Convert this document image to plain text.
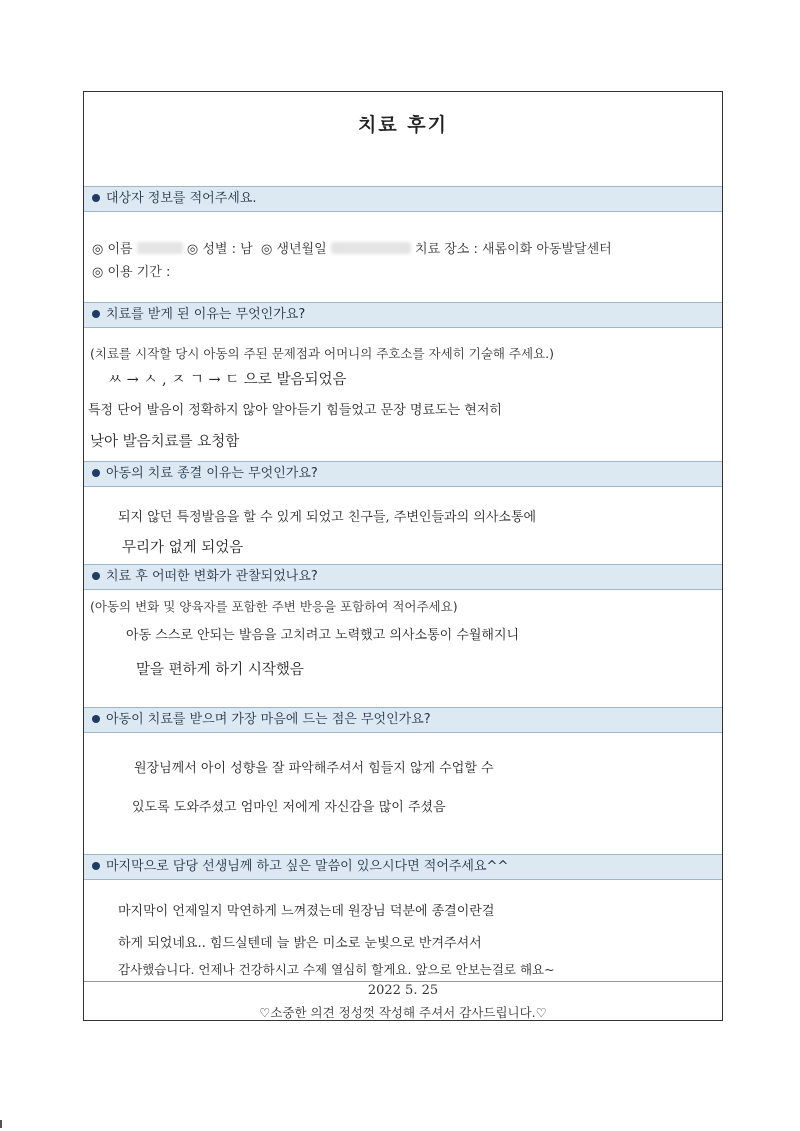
치료 후기
대상자 정보를 적어주세요.
◎ 이름	◎ 성별 : 남 ◎ 생년월일	치료 장소 : 새롬이화 아동발달센터
◎ 이용 기간 :
치료를 받게 된 이유는 무엇인가요?
(치료를 시작할 당시 아동의 주된 문제점과 어머니의 주호소를 자세히 기술해 주세요.)
ㅆ → ㅅ , ㅈ ㄱ → ㄷ 으로 발음되었음
특정 단어 발음이 정확하지 않아 알아듣기 힘들었고 문장 명료도는 현저히
낮아 발음치료를 요청함
아동의 치료 종결 이유는 무엇인가요?
되지 않던 특정발음을 할 수 있게 되었고 친구들, 주변인들과의 의사소통에
무리가 없게 되었음
치료 후 어떠한 변화가 관찰되었나요?
(아동의 변화 및 양육자를 포함한 주변 반응을 포함하여 적어주세요)
아동 스스로 안되는 발음을 고치려고 노력했고 의사소통이 수월해지니
말을 편하게 하기 시작했음
아동이 치료를 받으며 가장 마음에 드는 점은 무엇인가요?
원장님께서 아이 성향을 잘 파악해주셔서 힘들지 않게 수업할 수
있도록 도와주셨고 엄마인 저에게 자신감을 많이 주셨음
마지막으로 담당 선생님께 하고 싶은 말씀이 있으시다면 적어주세요^^
마지막이 언제일지 막연하게 느껴졌는데 원장님 덕분에 종결이란걸
하게 되었네요.. 힘드실텐데 늘 밝은 미소로 눈빛으로 반겨주셔서
감사했습니다. 언제나 건강하시고 수제 열심히 할게요. 앞으로 안보는걸로 해요~
2022 5. 25
♡소중한 의견 정성껏 작성해 주셔서 감사드립니다.♡
